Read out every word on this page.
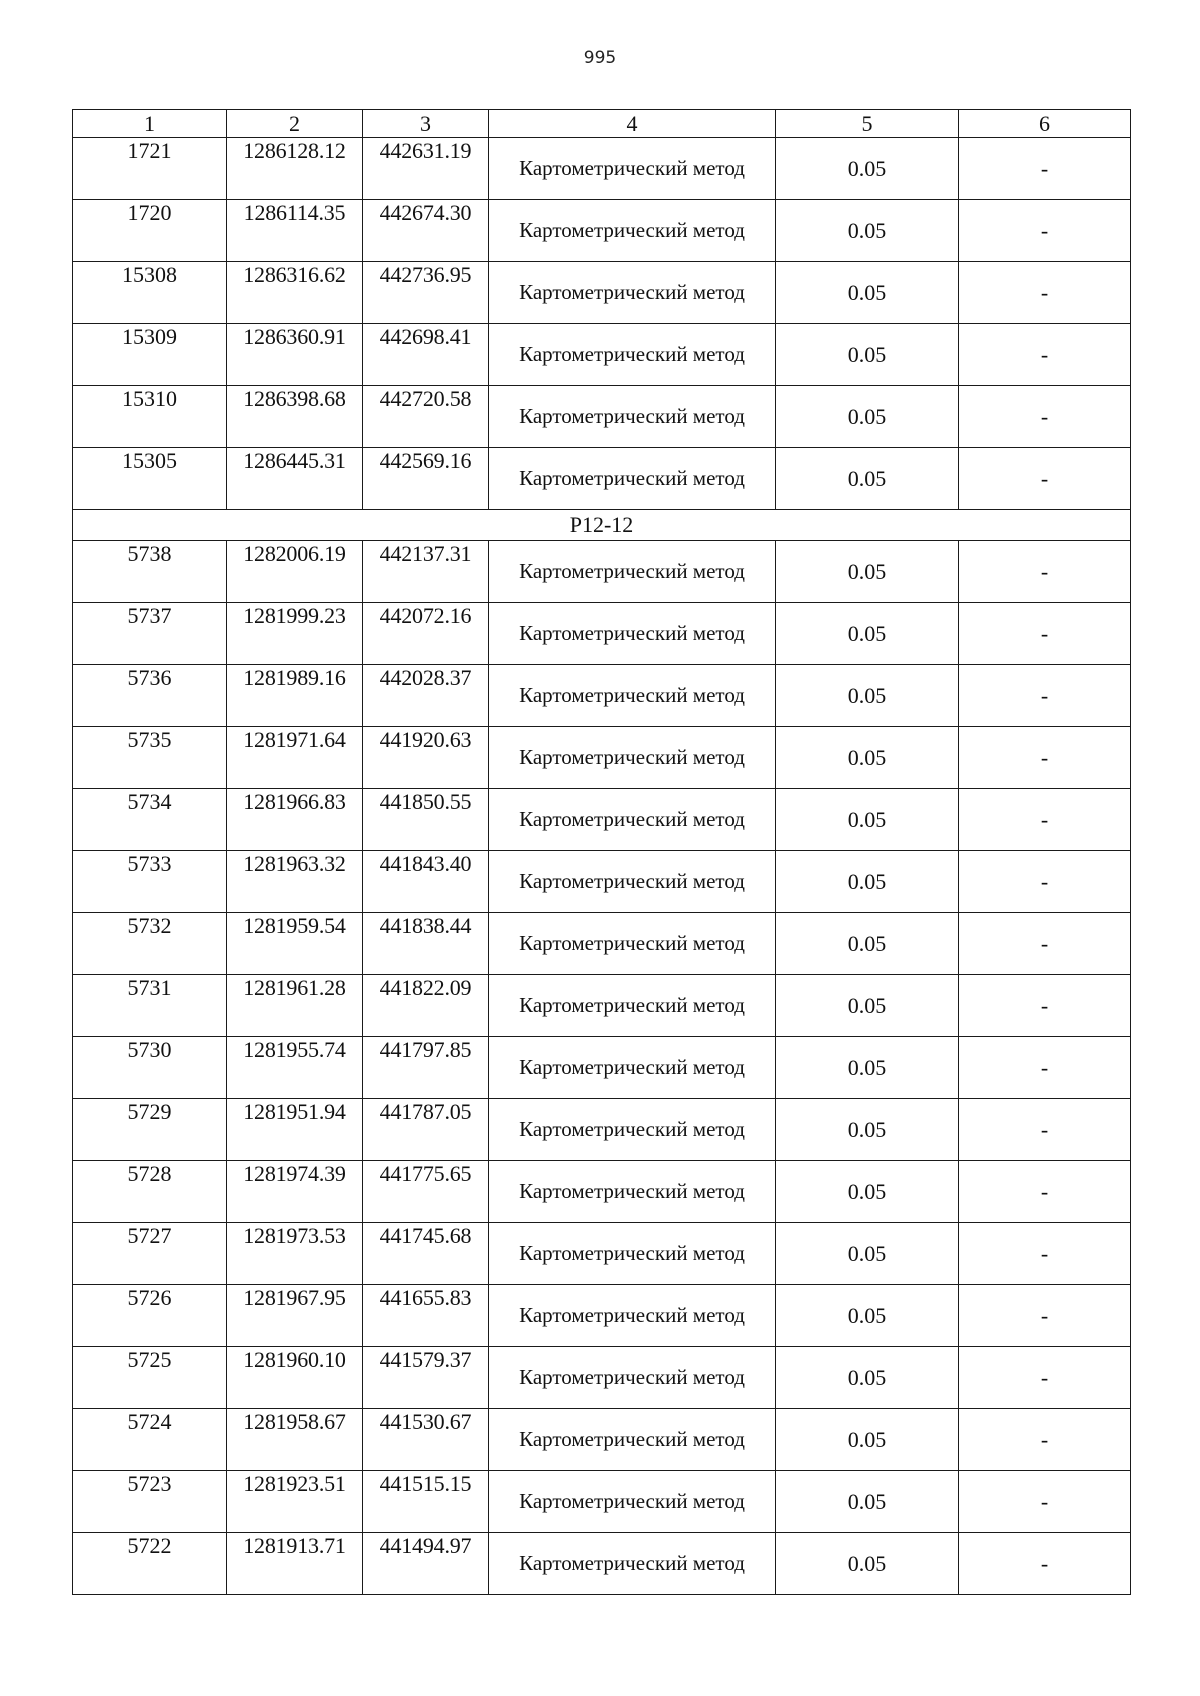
995
1	2	3	4	5	6
1721	1286128.12	442631.19	Картометрический метод	0.05	-
1720	1286114.35	442674.30	Картометрический метод	0.05	-
15308	1286316.62	442736.95	Картометрический метод	0.05	-
15309	1286360.91	442698.41	Картометрический метод	0.05	-
15310	1286398.68	442720.58	Картометрический метод	0.05	-
15305	1286445.31	442569.16	Картометрический метод	0.05	-
Р12-12					
5738	1282006.19	442137.31	Картометрический метод	0.05	-
5737	1281999.23	442072.16	Картометрический метод	0.05	-
5736	1281989.16	442028.37	Картометрический метод	0.05	-
5735	1281971.64	441920.63	Картометрический метод	0.05	-
5734	1281966.83	441850.55	Картометрический метод	0.05	-
5733	1281963.32	441843.40	Картометрический метод	0.05	-
5732	1281959.54	441838.44	Картометрический метод	0.05	-
5731	1281961.28	441822.09	Картометрический метод	0.05	-
5730	1281955.74	441797.85	Картометрический метод	0.05	-
5729	1281951.94	441787.05	Картометрический метод	0.05	-
5728	1281974.39	441775.65	Картометрический метод	0.05	-
5727	1281973.53	441745.68	Картометрический метод	0.05	-
5726	1281967.95	441655.83	Картометрический метод	0.05	-
5725	1281960.10	441579.37	Картометрический метод	0.05	-
5724	1281958.67	441530.67	Картометрический метод	0.05	-
5723	1281923.51	441515.15	Картометрический метод	0.05	-
5722	1281913.71	441494.97	Картометрический метод	0.05	-
